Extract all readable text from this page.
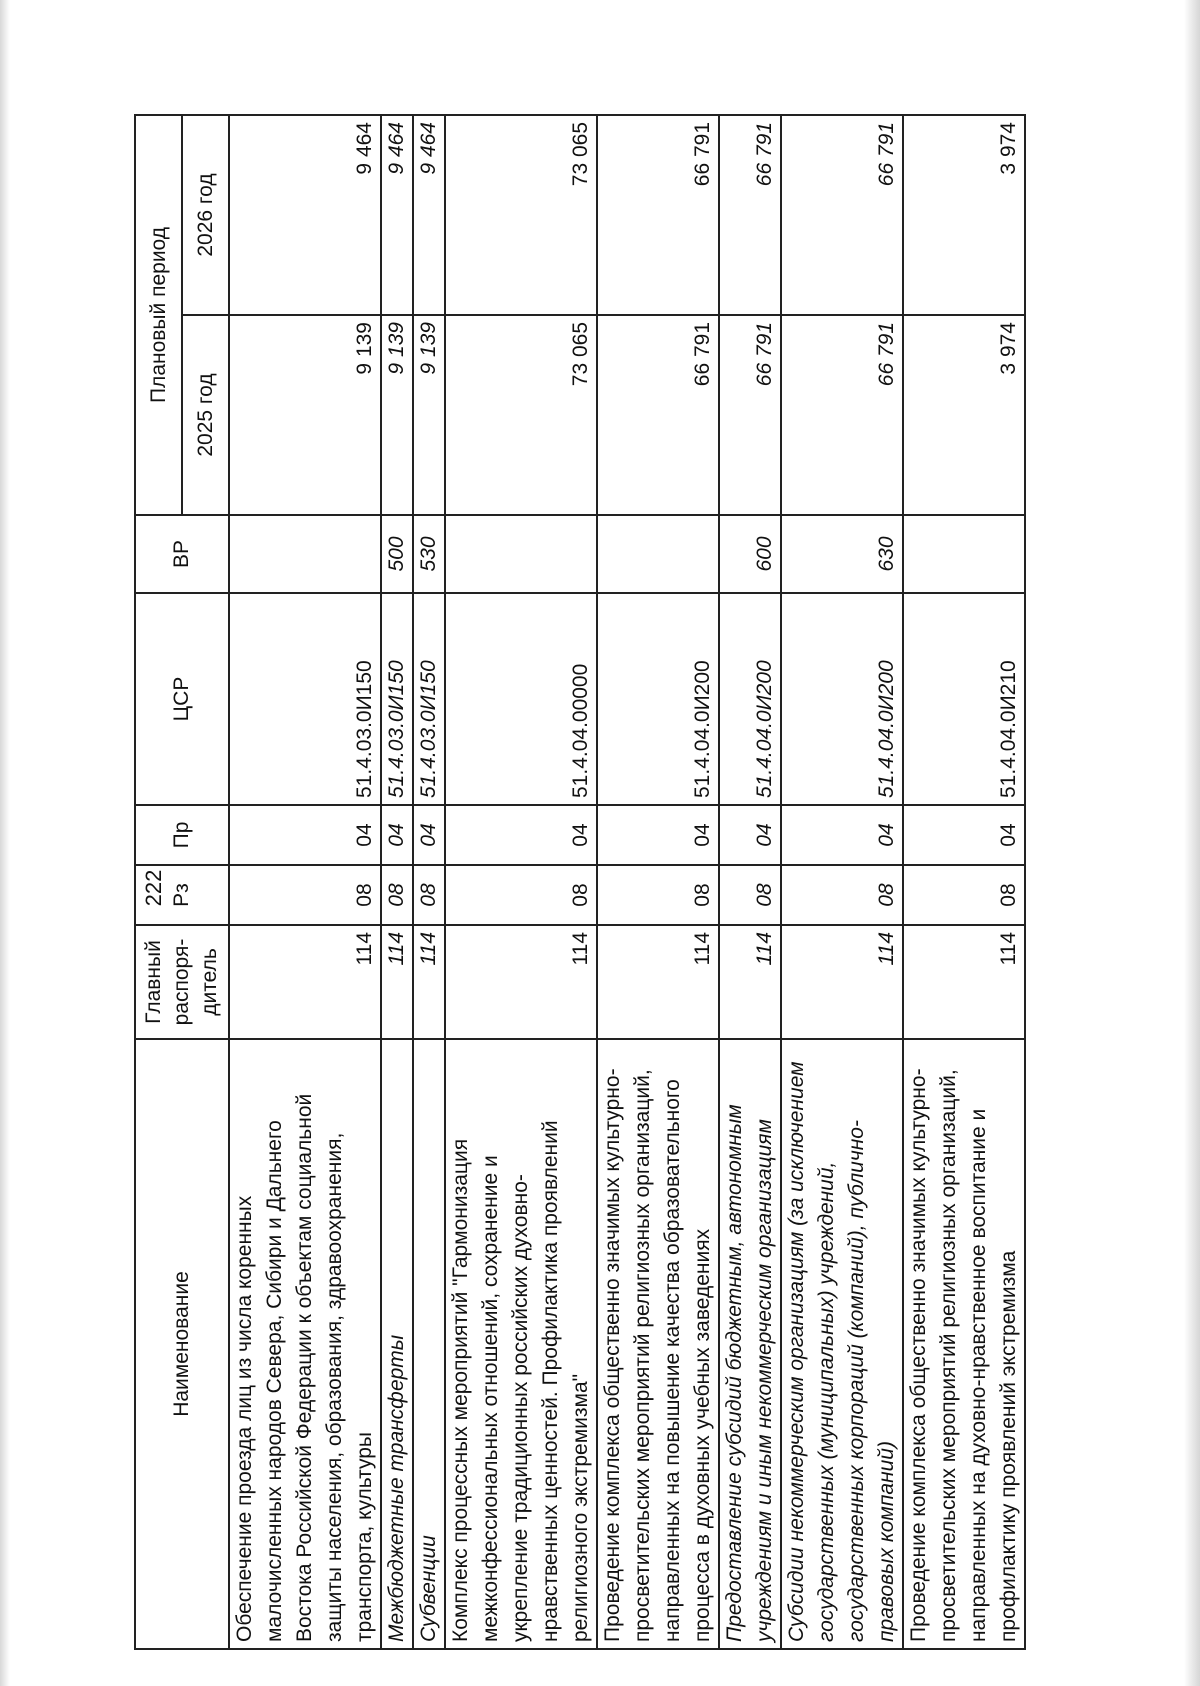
222
Наименование	Главный распоря-дитель	Рз	Пр	ЦСР	ВР	Плановый период	
						2025 год	2026 год
Обеспечение проезда лиц из числа коренных малочисленных народов Севера, Сибири и Дальнего Востока Российской Федерации к объектам социальной защиты населения, образования, здравоохранения, транспорта, культуры	114	08	04	51.4.03.0И150		9 139	9 464
Межбюджетные трансферты	114	08	04	51.4.03.0И150	500	9 139	9 464
Субвенции	114	08	04	51.4.03.0И150	530	9 139	9 464
Комплекс процессных мероприятий "Гармонизация межконфессиональных отношений, сохранение и укрепление традиционных российских духовно-нравственных ценностей. Профилактика проявлений религиозного экстремизма"	114	08	04	51.4.04.00000		73 065	73 065
Проведение комплекса общественно значимых культурно-просветительских мероприятий религиозных организаций, направленных на повышение качества образовательного процесса в духовных учебных заведениях	114	08	04	51.4.04.0И200		66 791	66 791
Предоставление субсидий бюджетным, автономным учреждениям и иным некоммерческим организациям	114	08	04	51.4.04.0И200	600	66 791	66 791
Субсидии некоммерческим организациям (за исключением государственных (муниципальных) учреждений, государственных корпораций (компаний), публично-правовых компаний)	114	08	04	51.4.04.0И200	630	66 791	66 791
Проведение комплекса общественно значимых культурно-просветительских мероприятий религиозных организаций, направленных на духовно-нравственное воспитание и профилактику проявлений экстремизма	114	08	04	51.4.04.0И210		3 974	3 974
